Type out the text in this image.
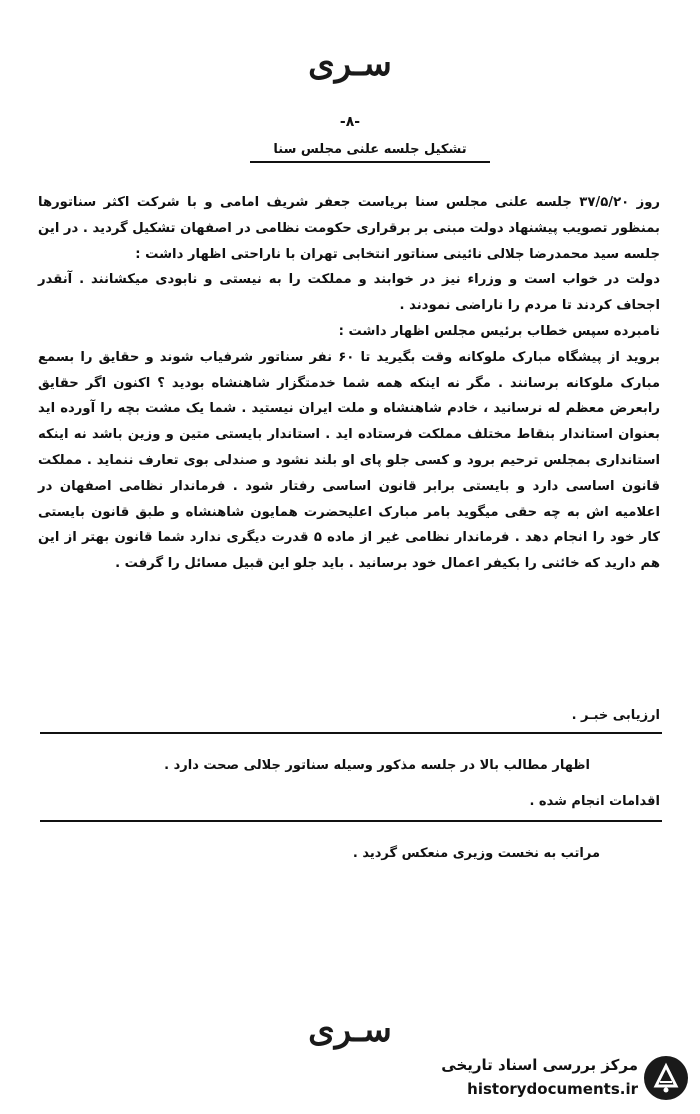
سـری
-۸-
تشکیل جلسه علنی مجلس سنا

روز ۳۷/۵/۲۰ جلسه علنی مجلس سنا بریاست جعفر شریف امامی و با شرکت اکثر سناتورها بمنظور تصویب پیشنهاد دولت مبنی بر برقراری حکومت نظامی در اصفهان تشکیل گردید . در این جلسه سید محمدرضا جلالی نائینی سناتور انتخابی تهران با ناراحتی اظهار داشت :

دولت در خواب است و وزراء نیز در خوابند و مملکت را به نیستی و نابودی میکشانند . آنقدر اجحاف کردند تا مردم را ناراضی نمودند .

نامبرده سپس خطاب برئیس مجلس اظهار داشت :

بروید از پیشگاه مبارک ملوکانه وقت بگیرید تا ۶۰ نفر سناتور شرفیاب شوند و حقایق را بسمع مبارک ملوکانه برسانند . مگر نه اینکه همه شما خدمتگزار شاهنشاه بودید ؟ اکنون اگر حقایق رابعرض معظم له نرسانید ، خادم شاهنشاه و ملت ایران نیستید . شما یک مشت بچه را آورده اید بعنوان استاندار بنقاط مختلف مملکت فرستاده اید . استاندار بایستی متین و وزین باشد نه اینکه استانداری بمجلس ترحیم برود و کسی جلو پای او بلند نشود و صندلی بوی تعارف ننماید . مملکت قانون اساسی دارد و بایستی برابر قانون اساسی رفتار شود . فرماندار نظامی اصفهان در اعلامیه اش به چه حقی میگوید بامر مبارک اعلیحضرت همایون شاهنشاه و طبق قانون بایستی کار خود را انجام دهد . فرماندار نظامی غیر از ماده ۵ قدرت دیگری ندارد شما قانون بهتر از این هم دارید که خائنی را بکیفر اعمال خود برسانید . باید جلو این قبیل مسائل را گرفت .

ارزیابی خبـر .
اظهار مطالب بالا در جلسه مذکور وسیله سناتور جلالی صحت دارد .
اقدامات انجام شده .
مراتب به نخست وزیری منعکس گردید .
سـری
مرکز بررسی اسناد تاریخی
historydocuments.ir
